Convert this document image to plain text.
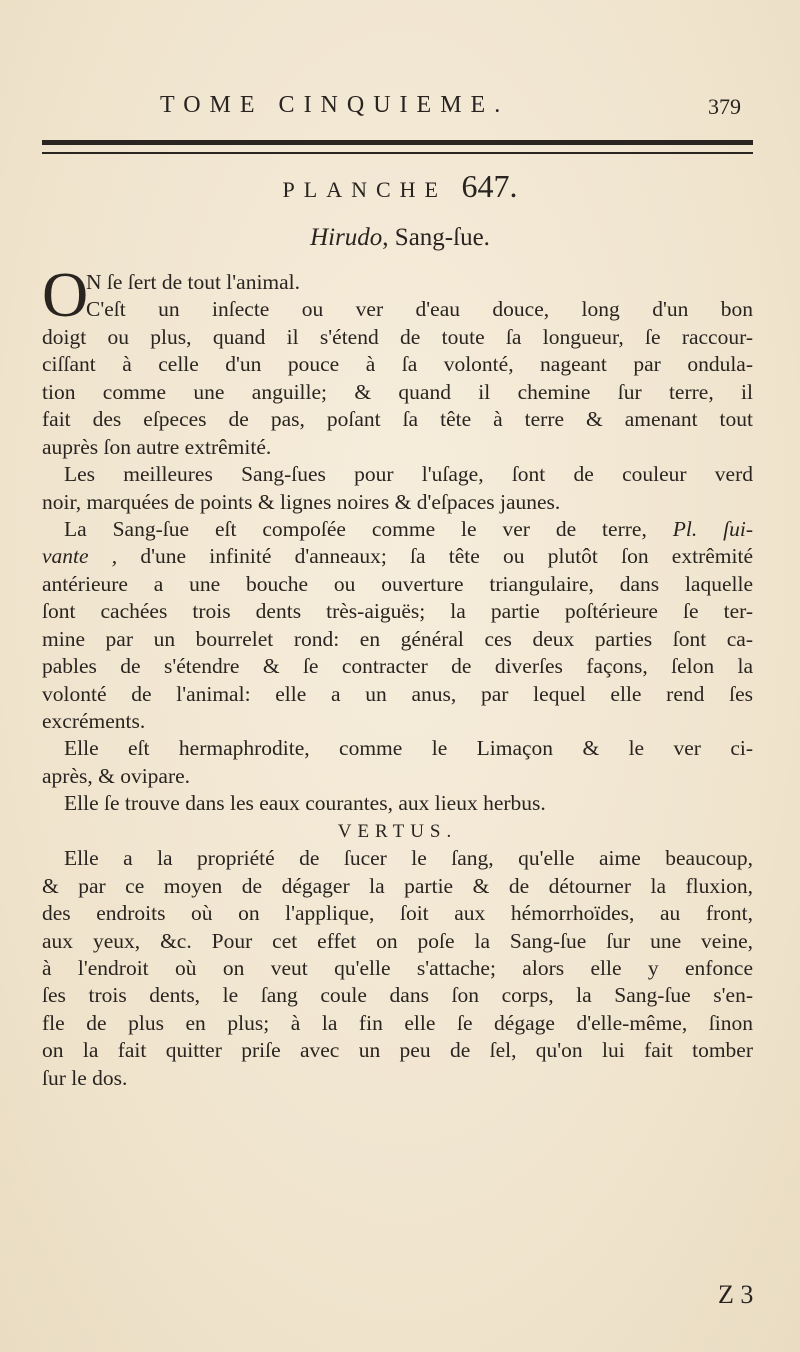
TOME CINQUIEME.	379
PLANCHE 647.
Hirudo, Sang-ſue.
O
N ſe ſert de tout l'animal.
C'eſt un inſecte ou ver d'eau douce, long d'un bon
doigt ou plus, quand il s'étend de toute ſa longueur, ſe raccour-
ciſſant à celle d'un pouce à ſa volonté, nageant par ondula-
tion comme une anguille; & quand il chemine ſur terre, il
fait des eſpeces de pas, poſant ſa tête à terre & amenant tout
auprès ſon autre extrêmité.
Les meilleures Sang-ſues pour l'uſage, ſont de couleur verd
noir, marquées de points & lignes noires & d'eſpaces jaunes.
La Sang-ſue eſt compoſée comme le ver de terre, Pl. ſui-
vante , d'une infinité d'anneaux; ſa tête ou plutôt ſon extrêmité
antérieure a une bouche ou ouverture triangulaire, dans laquelle
ſont cachées trois dents très-aiguës; la partie poſtérieure ſe ter-
mine par un bourrelet rond: en général ces deux parties ſont ca-
pables de s'étendre & ſe contracter de diverſes façons, ſelon la
volonté de l'animal: elle a un anus, par lequel elle rend ſes
excréments.
Elle eſt hermaphrodite, comme le Limaçon & le ver ci-
après, & ovipare.
Elle ſe trouve dans les eaux courantes, aux lieux herbus.
VERTUS.
Elle a la propriété de ſucer le ſang, qu'elle aime beaucoup,
& par ce moyen de dégager la partie & de détourner la fluxion,
des endroits où on l'applique, ſoit aux hémorrhoïdes, au front,
aux yeux, &c. Pour cet effet on poſe la Sang-ſue ſur une veine,
à l'endroit où on veut qu'elle s'attache; alors elle y enfonce
ſes trois dents, le ſang coule dans ſon corps, la Sang-ſue s'en-
fle de plus en plus; à la fin elle ſe dégage d'elle-même, ſinon
on la fait quitter priſe avec un peu de ſel, qu'on lui fait tomber
ſur le dos.
Z 3
